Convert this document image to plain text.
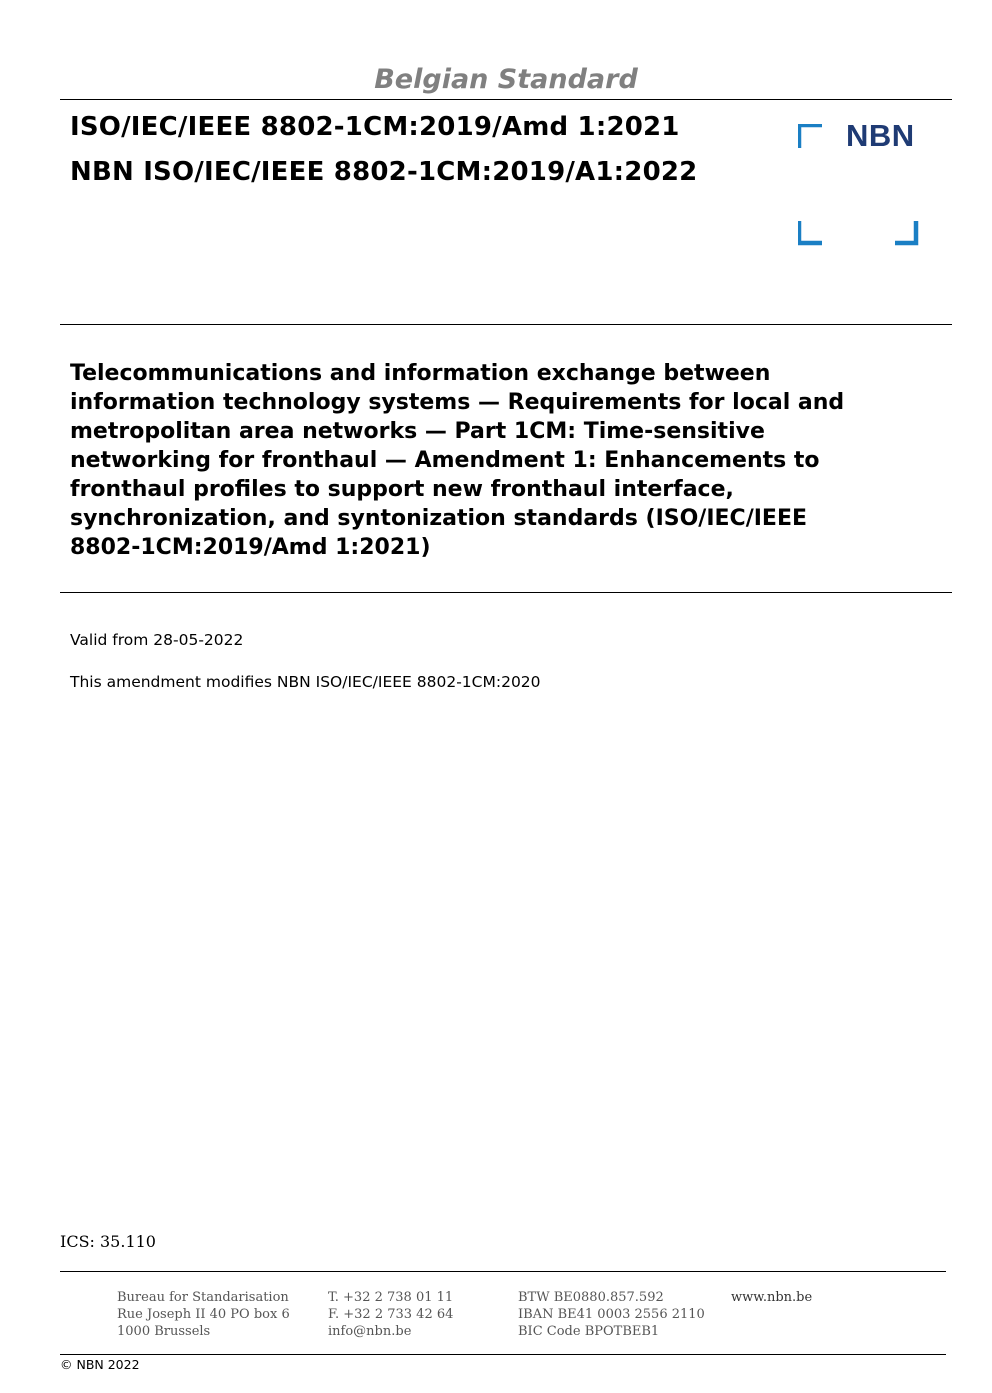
Belgian Standard
ISO/IEC/IEEE 8802-1CM:2019/Amd 1:2021
NBN ISO/IEC/IEEE 8802-1CM:2019/A1:2022
NBN
Telecommunications and information exchange between
information technology systems — Requirements for local and
metropolitan area networks — Part 1CM: Time-sensitive
networking for fronthaul — Amendment 1: Enhancements to
fronthaul profiles to support new fronthaul interface,
synchronization, and syntonization standards (ISO/IEC/IEEE
8802-1CM:2019/Amd 1:2021)
Valid from 28-05-2022
This amendment modifies NBN ISO/IEC/IEEE 8802-1CM:2020
ICS: 35.110
Bureau for Standarisation
Rue Joseph II 40 PO box 6
1000 Brussels
T. +32 2 738 01 11
F. +32 2 733 42 64
info@nbn.be
BTW BE0880.857.592
IBAN BE41 0003 2556 2110
BIC Code BPOTBEB1
www.nbn.be
© NBN 2022
